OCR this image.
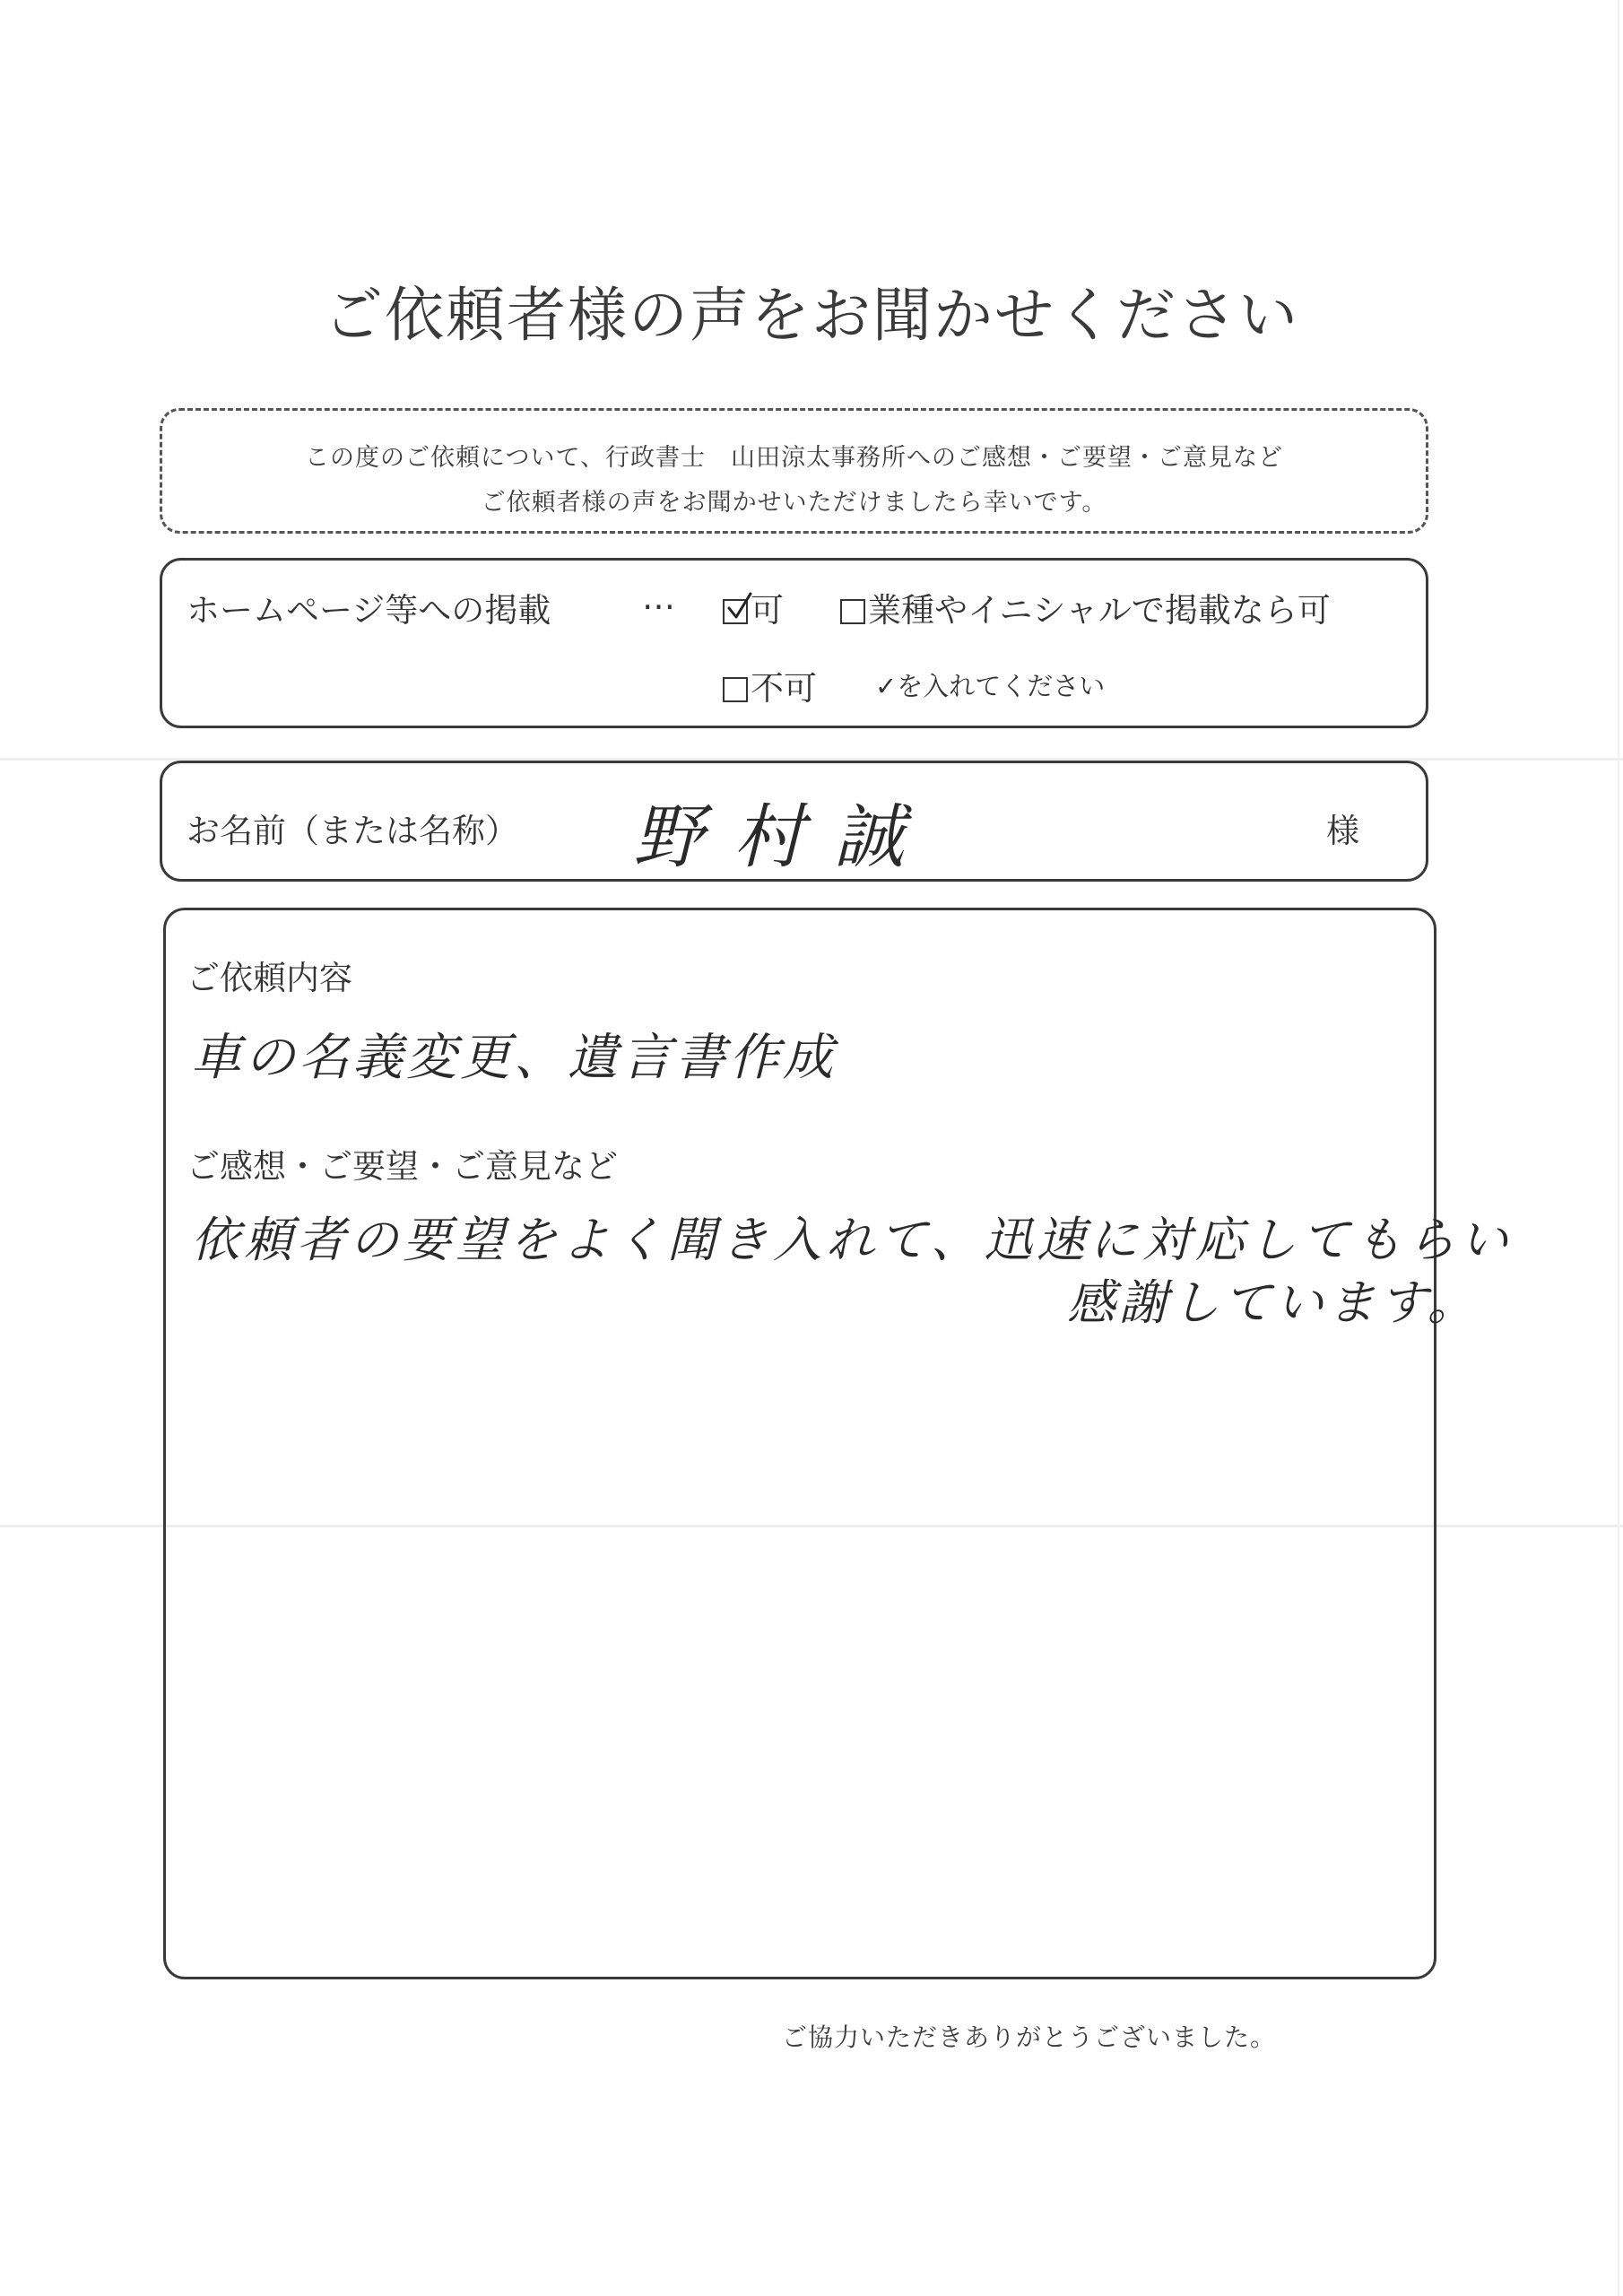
ご依頼者様の声をお聞かせください
この度のご依頼について、行政書士　山田涼太事務所へのご感想・ご要望・ご意見など
ご依頼者様の声をお聞かせいただけましたら幸いです。
ホームページ等への掲載	…	可	業種やイニシャルで掲載なら可
不可 ✓を入れてください
お名前（または名称） 野村誠	様
ご依頼内容
車の名義変更、遺言書作成
ご感想・ご要望・ご意見など
依頼者の要望をよく聞き入れて、迅速に対応してもらい
感謝しています。
ご協力いただきありがとうございました。
